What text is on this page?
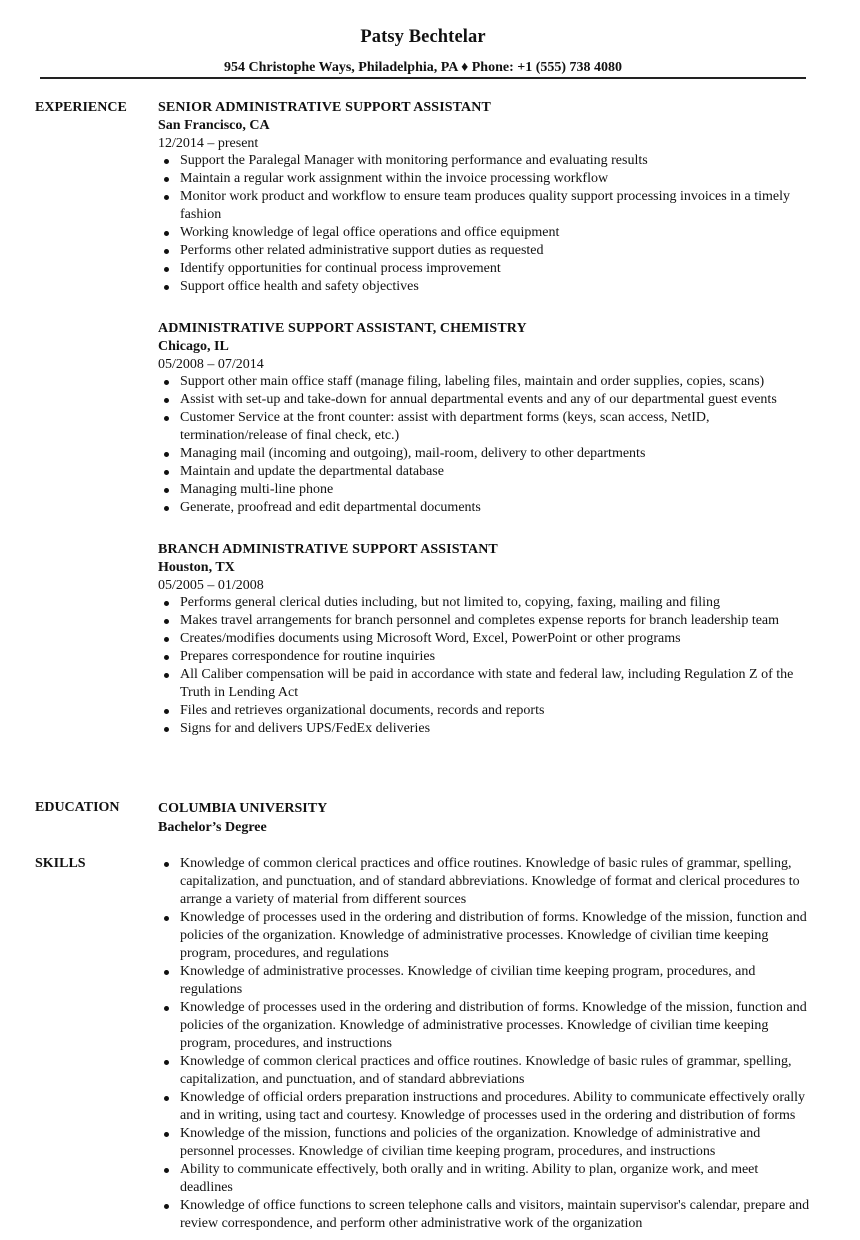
Patsy Bechtelar
954 Christophe Ways, Philadelphia, PA ♦ Phone: +1 (555) 738 4080
EXPERIENCE SENIOR ADMINISTRATIVE SUPPORT ASSISTANT
San Francisco, CA
12/2014 – present
Support the Paralegal Manager with monitoring performance and evaluating results
Maintain a regular work assignment within the invoice processing workflow
Monitor work product and workflow to ensure team produces quality support processing invoices in a timely fashion
Working knowledge of legal office operations and office equipment
Performs other related administrative support duties as requested
Identify opportunities for continual process improvement
Support office health and safety objectives
ADMINISTRATIVE SUPPORT ASSISTANT, CHEMISTRY
Chicago, IL
05/2008 – 07/2014
Support other main office staff (manage filing, labeling files, maintain and order supplies, copies, scans)
Assist with set-up and take-down for annual departmental events and any of our departmental guest events
Customer Service at the front counter: assist with department forms (keys, scan access, NetID, termination/release of final check, etc.)
Managing mail (incoming and outgoing), mail-room, delivery to other departments
Maintain and update the departmental database
Managing multi-line phone
Generate, proofread and edit departmental documents
BRANCH ADMINISTRATIVE SUPPORT ASSISTANT
Houston, TX
05/2005 – 01/2008
Performs general clerical duties including, but not limited to, copying, faxing, mailing and filing
Makes travel arrangements for branch personnel and completes expense reports for branch leadership team
Creates/modifies documents using Microsoft Word, Excel, PowerPoint or other programs
Prepares correspondence for routine inquiries
All Caliber compensation will be paid in accordance with state and federal law, including Regulation Z of the Truth in Lending Act
Files and retrieves organizational documents, records and reports
Signs for and delivers UPS/FedEx deliveries
EDUCATION	COLUMBIA UNIVERSITY
Bachelor’s Degree
SKILLS	Knowledge of common clerical practices and office routines. Knowledge of basic rules of grammar, spelling, capitalization, and punctuation, and of standard abbreviations. Knowledge of format and clerical procedures to arrange a variety of material from different sources
Knowledge of processes used in the ordering and distribution of forms. Knowledge of the mission, function and policies of the organization. Knowledge of administrative processes. Knowledge of civilian time keeping program, procedures, and regulations
Knowledge of administrative processes. Knowledge of civilian time keeping program, procedures, and regulations
Knowledge of processes used in the ordering and distribution of forms. Knowledge of the mission, function and policies of the organization. Knowledge of administrative processes. Knowledge of civilian time keeping program, procedures, and instructions
Knowledge of common clerical practices and office routines. Knowledge of basic rules of grammar, spelling, capitalization, and punctuation, and of standard abbreviations
Knowledge of official orders preparation instructions and procedures. Ability to communicate effectively orally and in writing, using tact and courtesy. Knowledge of processes used in the ordering and distribution of forms
Knowledge of the mission, functions and policies of the organization. Knowledge of administrative and personnel processes. Knowledge of civilian time keeping program, procedures, and instructions
Ability to communicate effectively, both orally and in writing. Ability to plan, organize work, and meet deadlines
Knowledge of office functions to screen telephone calls and visitors, maintain supervisor's calendar, prepare and review correspondence, and perform other administrative work of the organization
